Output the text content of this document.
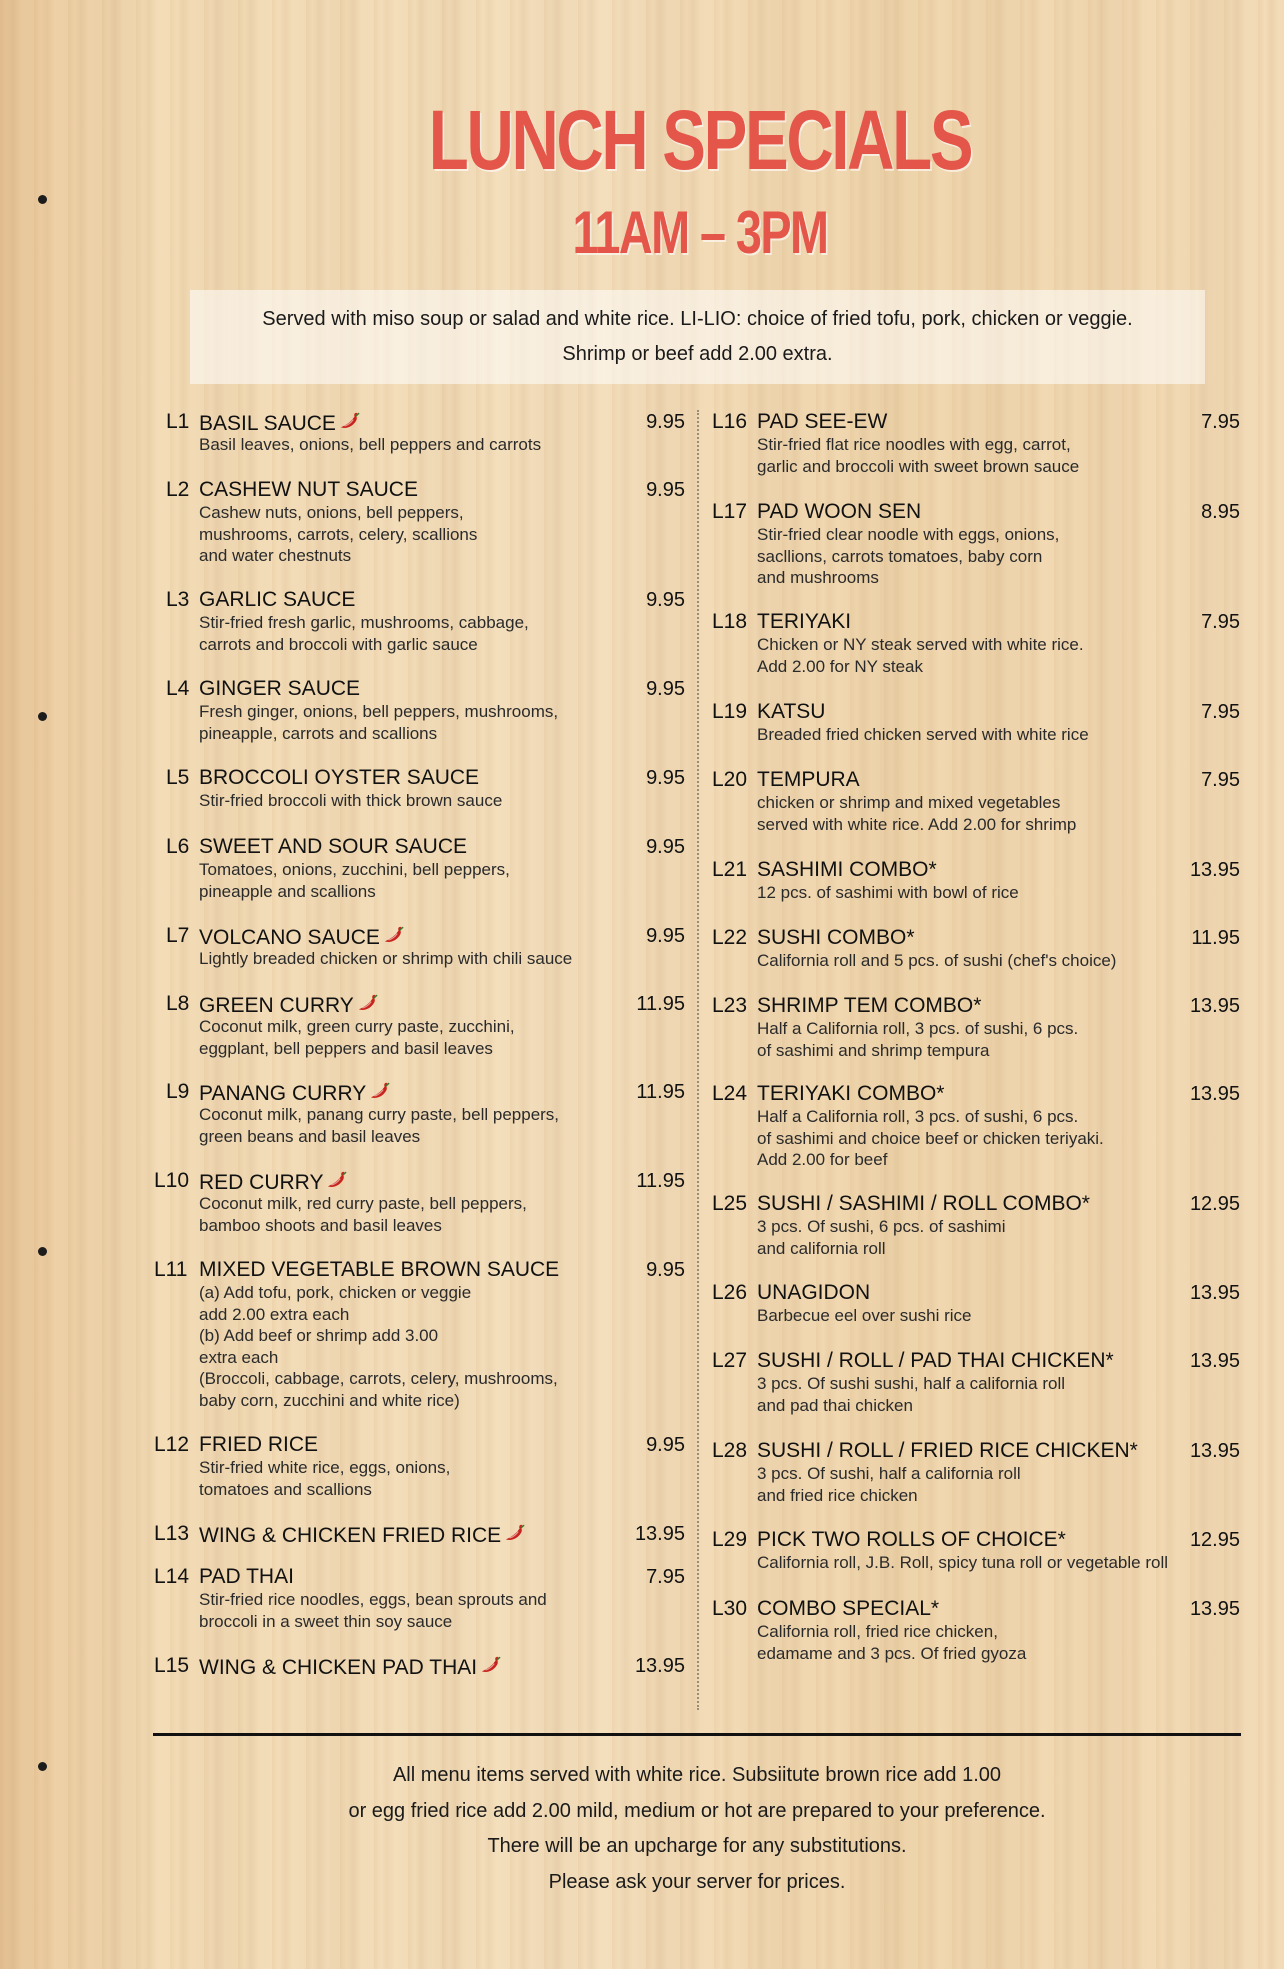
LUNCH SPECIALS
11AM – 3PM
Served with miso soup or salad and white rice. LI-LIO: choice of fried tofu, pork, chicken or veggie.
Shrimp or beef add 2.00 extra.
L1 BASIL SAUCE	9.95
Basil leaves, onions, bell peppers and carrots
L2 CASHEW NUT SAUCE	9.95
Cashew nuts, onions, bell peppers,
mushrooms, carrots, celery, scallions
and water chestnuts
L3 GARLIC SAUCE	9.95
Stir-fried fresh garlic, mushrooms, cabbage,
carrots and broccoli with garlic sauce
L4 GINGER SAUCE	9.95
Fresh ginger, onions, bell peppers, mushrooms,
pineapple, carrots and scallions
L5 BROCCOLI OYSTER SAUCE	9.95
Stir-fried broccoli with thick brown sauce
L6 SWEET AND SOUR SAUCE	9.95
Tomatoes, onions, zucchini, bell peppers,
pineapple and scallions
L7 VOLCANO SAUCE	9.95
Lightly breaded chicken or shrimp with chili sauce
L8 GREEN CURRY	11.95
Coconut milk, green curry paste, zucchini,
eggplant, bell peppers and basil leaves
L9 PANANG CURRY	11.95
Coconut milk, panang curry paste, bell peppers,
green beans and basil leaves
L10 RED CURRY	11.95
Coconut milk, red curry paste, bell peppers,
bamboo shoots and basil leaves
L11 MIXED VEGETABLE BROWN SAUCE	9.95
(a) Add tofu, pork, chicken or veggie
add 2.00 extra each
(b) Add beef or shrimp add 3.00
extra each
(Broccoli, cabbage, carrots, celery, mushrooms,
baby corn, zucchini and white rice)
L12 FRIED RICE	9.95
Stir-fried white rice, eggs, onions,
tomatoes and scallions
L13 WING & CHICKEN FRIED RICE	13.95
L14 PAD THAI	7.95
Stir-fried rice noodles, eggs, bean sprouts and
broccoli in a sweet thin soy sauce
L15 WING & CHICKEN PAD THAI	13.95
L16 PAD SEE-EW	7.95
Stir-fried flat rice noodles with egg, carrot,
garlic and broccoli with sweet brown sauce
L17 PAD WOON SEN	8.95
Stir-fried clear noodle with eggs, onions,
sacllions, carrots tomatoes, baby corn
and mushrooms
L18 TERIYAKI	7.95
Chicken or NY steak served with white rice.
Add 2.00 for NY steak
L19 KATSU	7.95
Breaded fried chicken served with white rice
L20 TEMPURA	7.95
chicken or shrimp and mixed vegetables
served with white rice. Add 2.00 for shrimp
L21 SASHIMI COMBO*	13.95
12 pcs. of sashimi with bowl of rice
L22 SUSHI COMBO*	11.95
California roll and 5 pcs. of sushi (chef's choice)
L23 SHRIMP TEM COMBO*	13.95
Half a California roll, 3 pcs. of sushi, 6 pcs.
of sashimi and shrimp tempura
L24 TERIYAKI COMBO*	13.95
Half a California roll, 3 pcs. of sushi, 6 pcs.
of sashimi and choice beef or chicken teriyaki.
Add 2.00 for beef
L25 SUSHI / SASHIMI / ROLL COMBO*	12.95
3 pcs. Of sushi, 6 pcs. of sashimi
and california roll
L26 UNAGIDON	13.95
Barbecue eel over sushi rice
L27 SUSHI / ROLL / PAD THAI CHICKEN*	13.95
3 pcs. Of sushi sushi, half a california roll
and pad thai chicken
L28 SUSHI / ROLL / FRIED RICE CHICKEN*	13.95
3 pcs. Of sushi, half a california roll
and fried rice chicken
L29 PICK TWO ROLLS OF CHOICE*	12.95
California roll, J.B. Roll, spicy tuna roll or vegetable roll
L30 COMBO SPECIAL*	13.95
California roll, fried rice chicken,
edamame and 3 pcs. Of fried gyoza
All menu items served with white rice. Subsiitute brown rice add 1.00
or egg fried rice add 2.00 mild, medium or hot are prepared to your preference.
There will be an upcharge for any substitutions.
Please ask your server for prices.
